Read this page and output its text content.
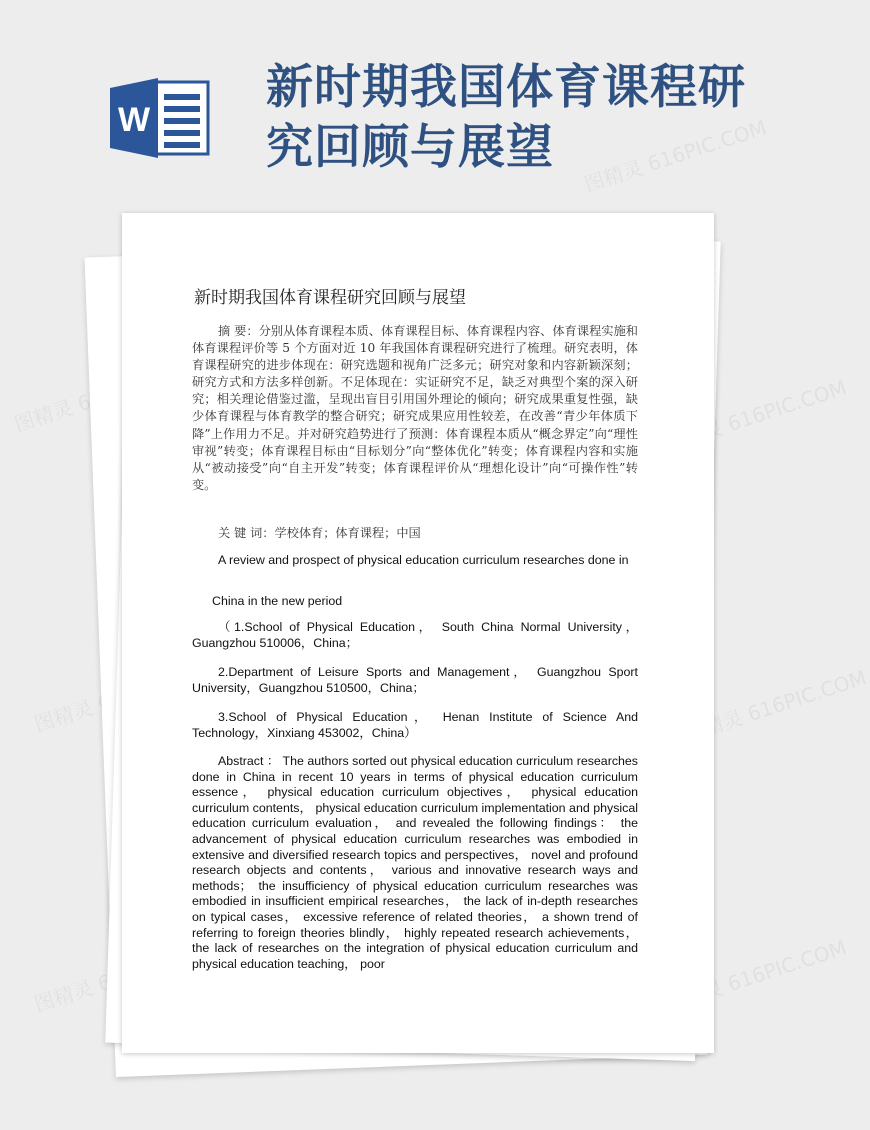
W
新时期我国体育课程研究回顾与展望	图精灵 616PIC.COM
图精灵	图精灵 616PIC.COM
图精灵	图精灵 616PIC.COM
图精灵	图精灵 616PIC.COM
新时期我国体育课程研究回顾与展望
摘 要：分别从体育课程本质、体育课程目标、体育课程内容、体育课程实施和体育课程评价等 5 个方面对近 10 年我国体育课程研究进行了梳理。研究表明，体育课程研究的进步体现在：研究选题和视角广泛多元；研究对象和内容新颖深刻；研究方式和方法多样创新。不足体现在：实证研究不足，缺乏对典型个案的深入研究；相关理论借鉴过滥，呈现出盲目引用国外理论的倾向；研究成果重复性强，缺少体育课程与体育教学的整合研究；研究成果应用性较差，在改善“青少年体质下降”上作用力不足。并对研究趋势进行了预测：体育课程本质从“概念界定”向“理性审视”转变；体育课程目标由“目标划分”向“整体优化”转变；体育课程内容和实施从“被动接受”向“自主开发”转变；体育课程评价从“理想化设计”向“可操作性”转变。
关 键 词：学校体育；体育课程；中国
A review and prospect of physical education curriculum researches done in
China in the new period
（1.School of Physical Education， South China Normal University，Guangzhou 510006，China；
2.Department of Leisure Sports and Management， Guangzhou Sport University，Guangzhou 510500，China；
3.School of Physical Education， Henan Institute of Science And Technology，Xinxiang 453002，China）
Abstract ： The authors sorted out physical education curriculum researches done in China in recent 10 years in terms of physical education curriculum essence， physical education curriculum objectives， physical education curriculum contents， physical education curriculum implementation and physical education curriculum evaluation， and revealed the following findings： the advancement of physical education curriculum researches was embodied in extensive and diversified research topics and perspectives， novel and profound research objects and contents， various and innovative research ways and methods； the insufficiency of physical education curriculum researches was embodied in insufficient empirical researches， the lack of in-depth researches on typical cases， excessive reference of related theories， a shown trend of referring to foreign theories blindly， highly repeated research achievements， the lack of researches on the integration of physical education curriculum and physical education teaching， poor
